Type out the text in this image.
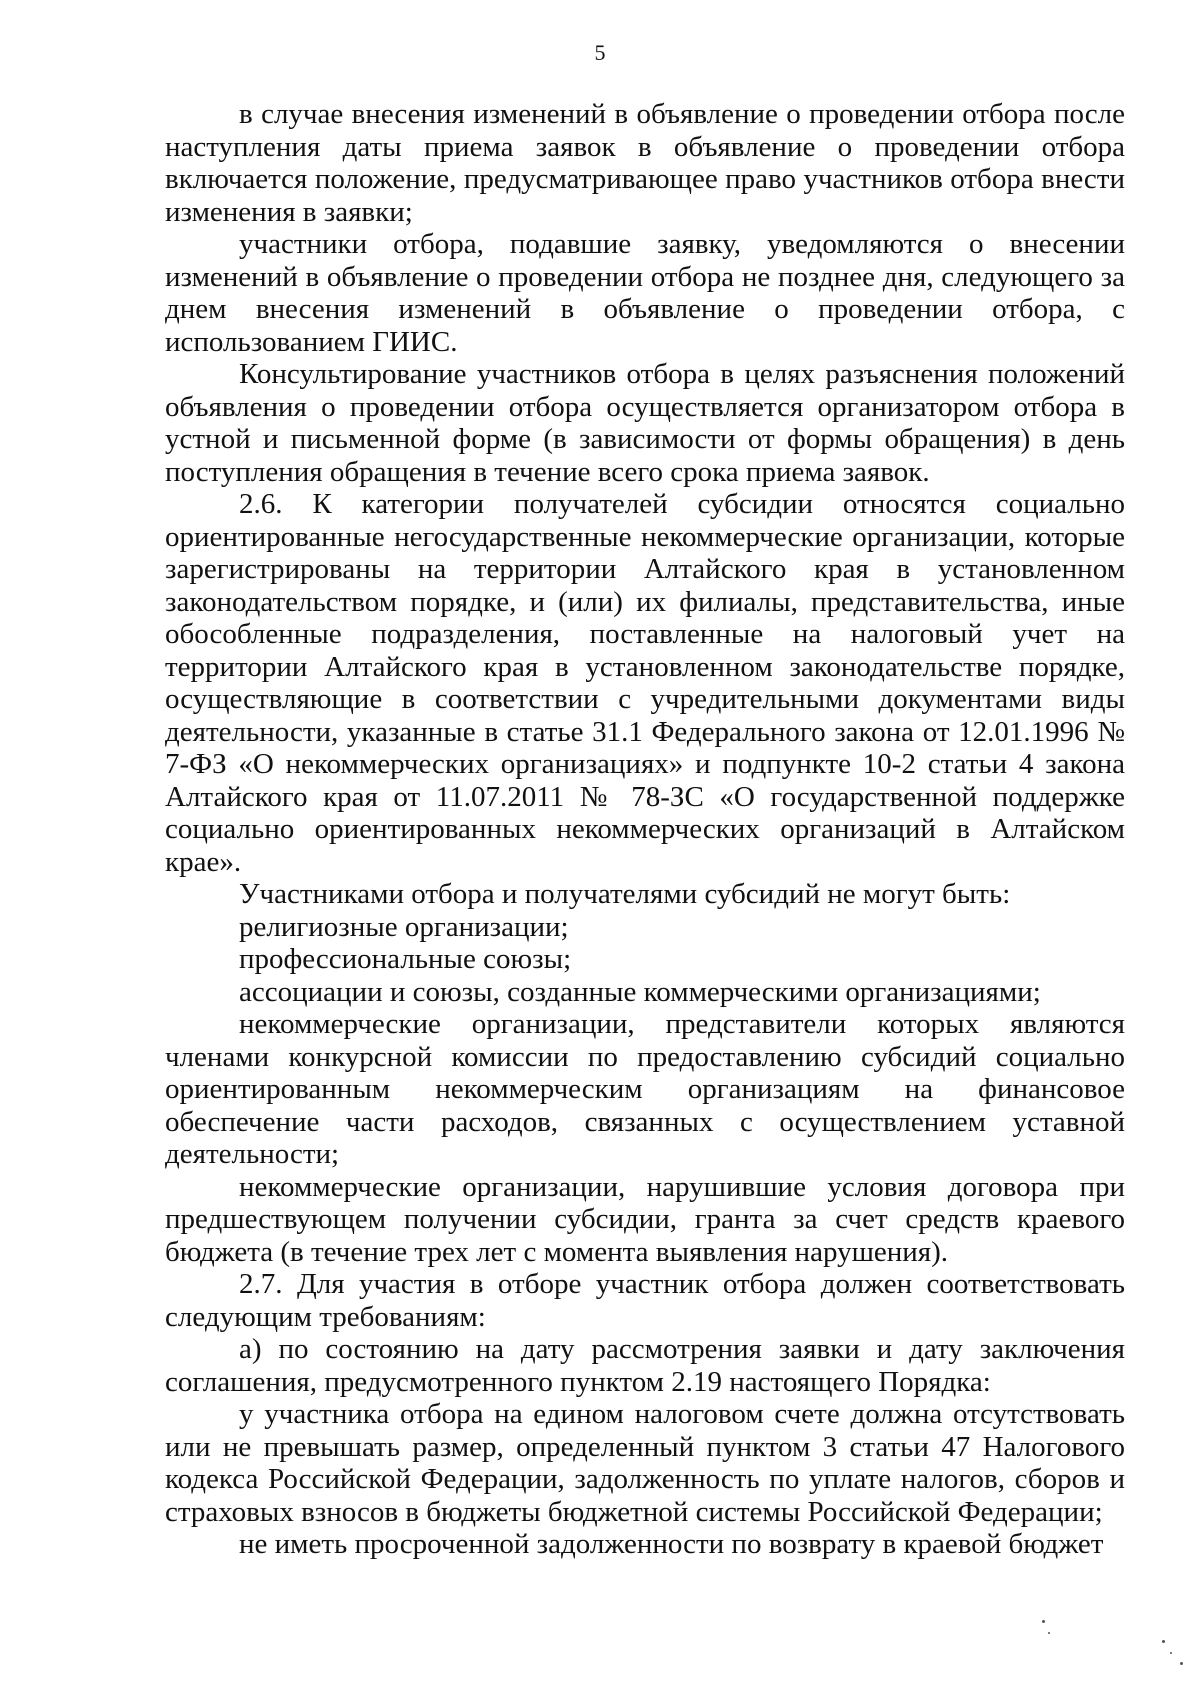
5

в случае внесения изменений в объявление о проведении отбора после наступления даты приема заявок в объявление о проведении отбора включается положение, предусматривающее право участников отбора внести изменения в заявки;

участники отбора, подавшие заявку, уведомляются о внесении изменений в объявление о проведении отбора не позднее дня, следующего за днем внесения изменений в объявление о проведении отбора, с использованием ГИИС.

Консультирование участников отбора в целях разъяснения положений объявления о проведении отбора осуществляется организатором отбора в устной и письменной форме (в зависимости от формы обращения) в день поступления обращения в течение всего срока приема заявок.

2.6. К категории получателей субсидии относятся социально ориентированные негосударственные некоммерческие организации, которые зарегистрированы на территории Алтайского края в установленном законодательством порядке, и (или) их филиалы, представительства, иные обособленные подразделения, поставленные на налоговый учет на территории Алтайского края в установленном законодательстве порядке, осуществляющие в соответствии с учредительными документами виды деятельности, указанные в статье 31.1 Федерального закона от 12.01.1996 № 7-ФЗ «О некоммерческих организациях» и подпункте 10-2 статьи 4 закона Алтайского края от 11.07.2011 № 78-ЗС «О государственной поддержке социально ориентированных некоммерческих организаций в Алтайском крае».

Участниками отбора и получателями субсидий не могут быть:

религиозные организации;

профессиональные союзы;

ассоциации и союзы, созданные коммерческими организациями;

некоммерческие организации, представители которых являются членами конкурсной комиссии по предоставлению субсидий социально ориентированным некоммерческим организациям на финансовое обеспечение части расходов, связанных с осуществлением уставной деятельности;

некоммерческие организации, нарушившие условия договора при предшествующем получении субсидии, гранта за счет средств краевого бюджета (в течение трех лет с момента выявления нарушения).

2.7. Для участия в отборе участник отбора должен соответствовать следующим требованиям:

а) по состоянию на дату рассмотрения заявки и дату заключения соглашения, предусмотренного пунктом 2.19 настоящего Порядка:

у участника отбора на едином налоговом счете должна отсутствовать или не превышать размер, определенный пунктом 3 статьи 47 Налогового кодекса Российской Федерации, задолженность по уплате налогов, сборов и страховых взносов в бюджеты бюджетной системы Российской Федерации;

не иметь просроченной задолженности по возврату в краевой бюджет
